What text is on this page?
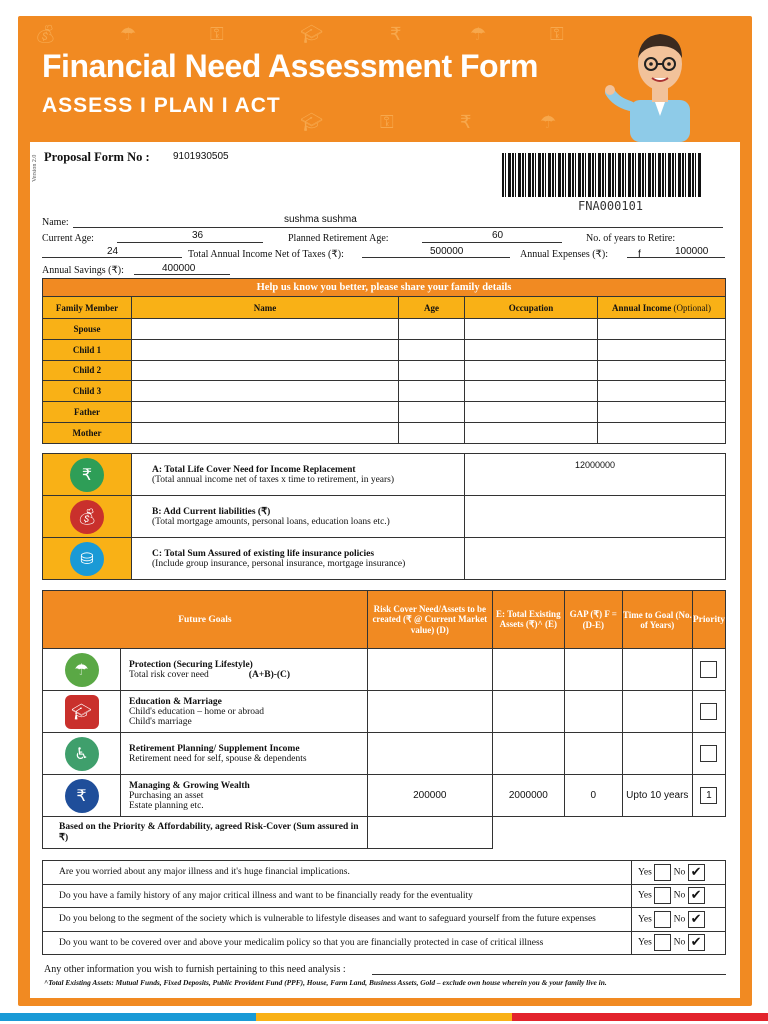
💰︎	☂	⚿	🎓︎	₹	☂	⚿
₹	☂
🎓︎	⚿
Financial Need Assessment Form
ASSESS I PLAN I ACT
Version 2.0 Proposal Form No : 9101930505
FNA000101
Name:	sushma sushma
Current Age:	36	Planned Retirement Age:	60	No. of years to Retire:
24	Total Annual Income Net of Taxes (₹):	500000	Annual Expenses (₹):	f	100000
Annual Savings (₹):	400000
Help us know you better, please share your family details				
Family Member	Name	Age	Occupation	Annual Income (Optional)
Spouse				
Child 1				
Child 2				
Child 3				
Father				
Mother				
₹	A: Total Life Cover Need for Income Replacement
(Total annual income net of taxes x time to retirement, in years)	12000000

💰︎	B: Add Current liabilities (₹)
(Total mortgage amounts, personal loans, education loans etc.)	

⛁	C: Total Sum Assured of existing life insurance policies
(Include group insurance, personal insurance, mortgage insurance)	

Future Goals		Risk Cover Need/Assets to be created (₹ @ Current Market value) (D)	E: Total Existing Assets (₹)^ (E)	GAP (₹) F = (D-E)	Time to Goal (No. of Years)	Priority

☂	Protection (Securing Lifestyle)
Total risk cover need (A+B)-(C)					

🎓︎	Education & Marriage
Child's education – home or abroad
Child's marriage					

♿︎	Retirement Planning/ Supplement Income
Retirement need for self, spouse & dependents					

₹	Managing & Growing Wealth
Purchasing an asset
Estate planning etc.	200000	2000000	0	Upto 10 years	1
Based on the Priority & Affordability, agreed Risk-Cover (Sum assured in ₹)						
Are you worried about any major illness and it's huge financial implications.	Yes No ✔
Do you have a family history of any major critical illness and want to be financially ready for the eventuality	Yes No ✔
Do you belong to the segment of the society which is vulnerable to lifestyle diseases and want to safeguard yourself from the future expenses	Yes No ✔
Do you want to be covered over and above your medicalim policy so that you are financially protected in case of critical illness	Yes No ✔
Any other information you wish to furnish pertaining to this need analysis :
^Total Existing Assets: Mutual Funds, Fixed Deposits, Public Provident Fund (PPF), House, Farm Land, Business Assets, Gold – exclude own house wherein you & your family live in.
